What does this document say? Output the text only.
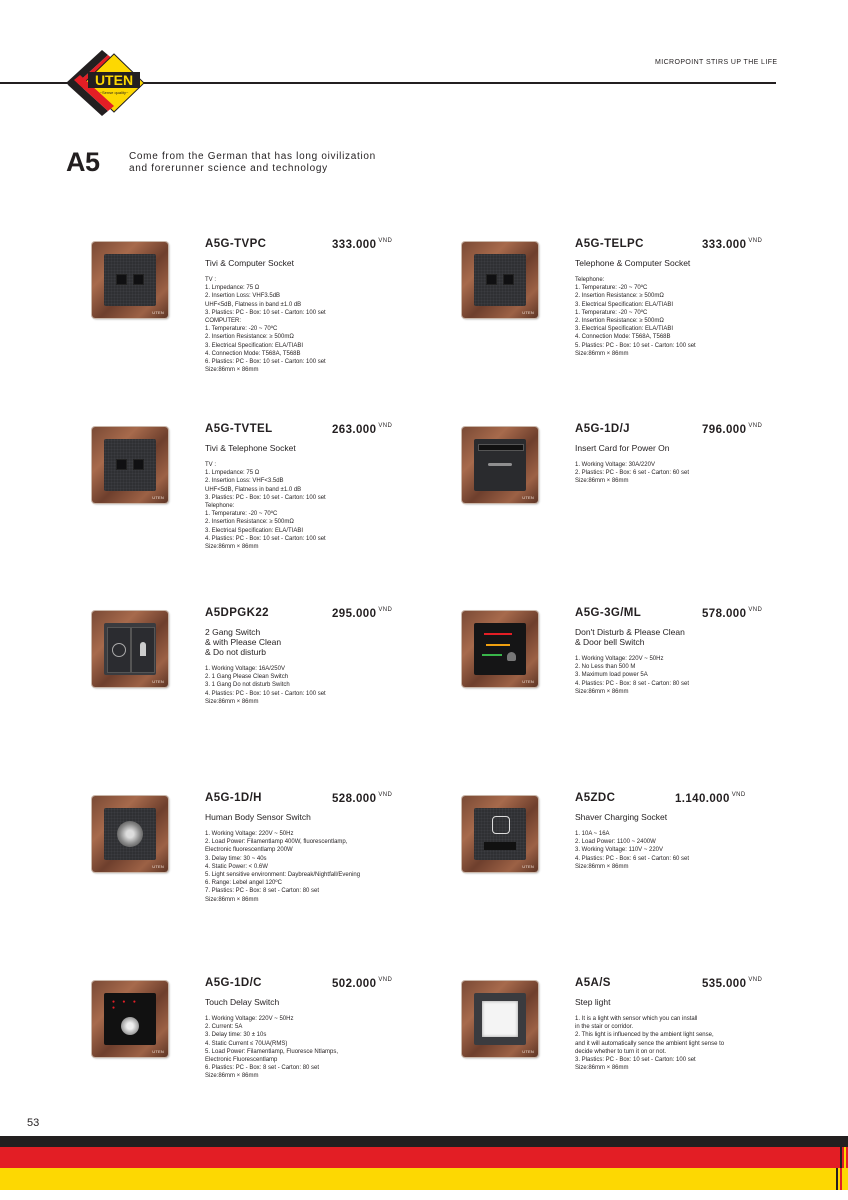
MICROPOINT STIRS UP THE LIFE
UTEN
~Sense quality~
A5	Come from the German that has long oivilization
and forerunner science and technology
UTEN
A5G-TVPC	333.000 $^{VND}$
Tivi & Computer Socket
TV :
1. Lmpedance: 75 Ω
2. Insertion Loss: VHF3.5dB
UHF<5dB, Flatness in band ±1.0 dB
3. Plastics: PC - Box: 10 set - Carton: 100 set
COMPUTER:
1. Temperature: -20 ~ 70ºC
2. Insertion Resistance: ≥ 500mΩ
3. Electrical Specification: ELA/TIABI
4. Connection Mode: T568A, T568B
6. Plastics: PC - Box: 10 set - Carton: 100 set
Size:86mm × 86mm
UTEN
A5G-TELPC	333.000 $^{VND}$
Telephone & Computer Socket
Telephone:
1. Temperature: -20 ~ 70ºC
2. Insertion Resistance: ≥ 500mΩ
3. Electrical Specification: ELA/TIABI
1. Temperature: -20 ~ 70ºC
2. Insertion Resistance: ≥ 500mΩ
3. Electrical Specification: ELA/TIABI
4. Connection Mode: T568A, T568B
5. Plastics: PC - Box: 10 set - Carton: 100 set
Size:86mm × 86mm
UTEN
A5G-TVTEL	263.000 $^{VND}$
Tivi & Telephone Socket
TV :
1. Lmpedance: 75 Ω
2. Insertion Loss: VHF<3.5dB
UHF<5dB, Flatness in band ±1.0 dB
3. Plastics: PC - Box: 10 set - Carton: 100 set
Telephone:
1. Temperature: -20 ~ 70ºC
2. Insertion Resistance: ≥ 500mΩ
3. Electrical Specification: ELA/TIABI
4. Plastics: PC - Box: 10 set - Carton: 100 set
Size:86mm × 86mm
UTEN
A5G-1D/J	796.000 $^{VND}$
Insert Card for Power On
1. Working Voltage: 30A/220V
2. Plastics: PC - Box: 6 set - Carton: 60 set
Size:86mm × 86mm
UTEN
A5DPGK22	295.000 $^{VND}$
2 Gang Switch
& with Please Clean
& Do not disturb
1. Working Voltage: 16A/250V
2. 1 Gang Please Clean Switch
3. 1 Gang Do not disturb Switch
4. Plastics: PC - Box: 10 set - Carton: 100 set
Size:86mm × 86mm
UTEN
A5G-3G/ML	578.000 $^{VND}$
Don't Disturb & Please Clean
& Door bell Switch
1. Working Voltage: 220V ~ 50Hz
2. No Less than 500 M
3. Maximum load power 5A
4. Plastics: PC - Box: 8 set - Carton: 80 set
Size:86mm × 86mm
UTEN
A5G-1D/H	528.000 $^{VND}$
Human Body Sensor Switch
1. Working Voltage: 220V ~ 50Hz
2. Load Power: Filamentlamp 400W, fluorescentlamp,
Electronic fluorescentlamp 200W
3. Delay time: 30 ~ 40s
4. Static Power: < 0.6W
5. Light sensitive environment: Daybreak/Nightfall/Evening
6. Range: Lebel angel 120ºC
7. Plastics: PC - Box: 8 set - Carton: 80 set
Size:86mm × 86mm
UTEN
A5ZDC	1.140.000 $^{VND}$
Shaver Charging Socket
1. 10A ~ 16A
2. Load Power: 1100 ~ 2400W
3. Working Voltage: 110V ~ 220V
4. Plastics: PC - Box: 6 set - Carton: 60 set
Size:86mm × 86mm
● ● ● ●
UTEN
A5G-1D/C	502.000 $^{VND}$
Touch Delay Switch
1. Working Voltage: 220V ~ 50Hz
2. Current: 5A
3. Delay time: 30 ± 10s
4. Static Current ≤ 70UA(RMS)
5. Load Power: Filamentlamp, Fluoresce Ntlamps,
Electronic Fluorescentlamp
6. Plastics: PC - Box: 8 set - Carton: 80 set
Size:86mm × 86mm
UTEN
A5A/S	535.000 $^{VND}$
Step light
1. It is a light with sensor which you can install
in the stair or corridor.
2. This light is influenced by the ambient light sense,
and it will automatically sence the ambient light sense to
decide whether to turn it on or not.
3. Plastics: PC - Box: 10 set - Carton: 100 set
Size:86mm × 86mm
53
